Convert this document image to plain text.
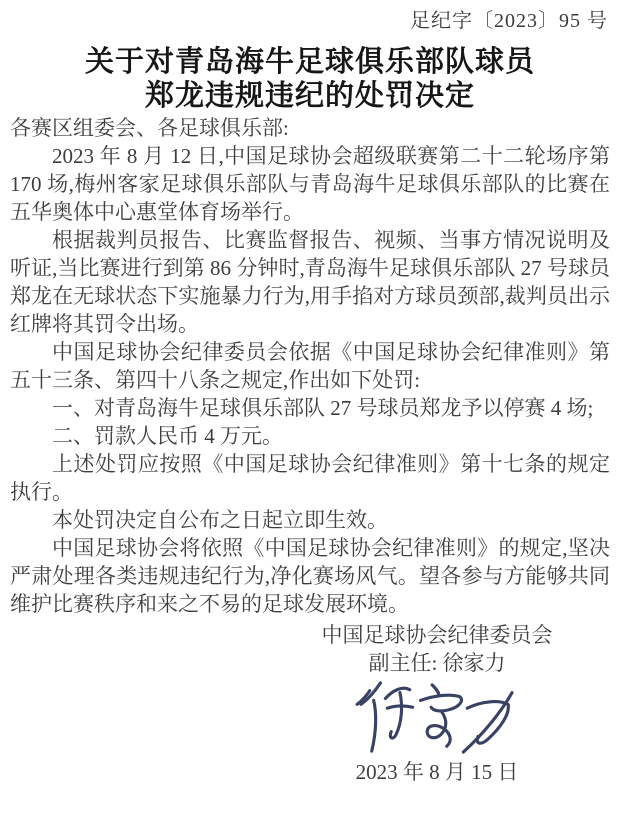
足纪字〔2023〕95 号
关于对青岛海牛足球俱乐部队球员
郑龙违规违纪的处罚决定

各赛区组委会、各足球俱乐部:

2023 年 8 月 12 日,中国足球协会超级联赛第二十二轮场序第 170 场,梅州客家足球俱乐部队与青岛海牛足球俱乐部队的比赛在五华奥体中心惠堂体育场举行。

根据裁判员报告、比赛监督报告、视频、当事方情况说明及听证,当比赛进行到第 86 分钟时,青岛海牛足球俱乐部队 27 号球员郑龙在无球状态下实施暴力行为,用手掐对方球员颈部,裁判员出示红牌将其罚令出场。

中国足球协会纪律委员会依据《中国足球协会纪律准则》第五十三条、第四十八条之规定,作出如下处罚:

一、对青岛海牛足球俱乐部队 27 号球员郑龙予以停赛 4 场;

二、罚款人民币 4 万元。

上述处罚应按照《中国足球协会纪律准则》第十七条的规定执行。

本处罚决定自公布之日起立即生效。

中国足球协会将依照《中国足球协会纪律准则》的规定,坚决严肃处理各类违规违纪行为,净化赛场风气。望各参与方能够共同维护比赛秩序和来之不易的足球发展环境。

中国足球协会纪律委员会
副主任: 徐家力
2023 年 8 月 15 日
